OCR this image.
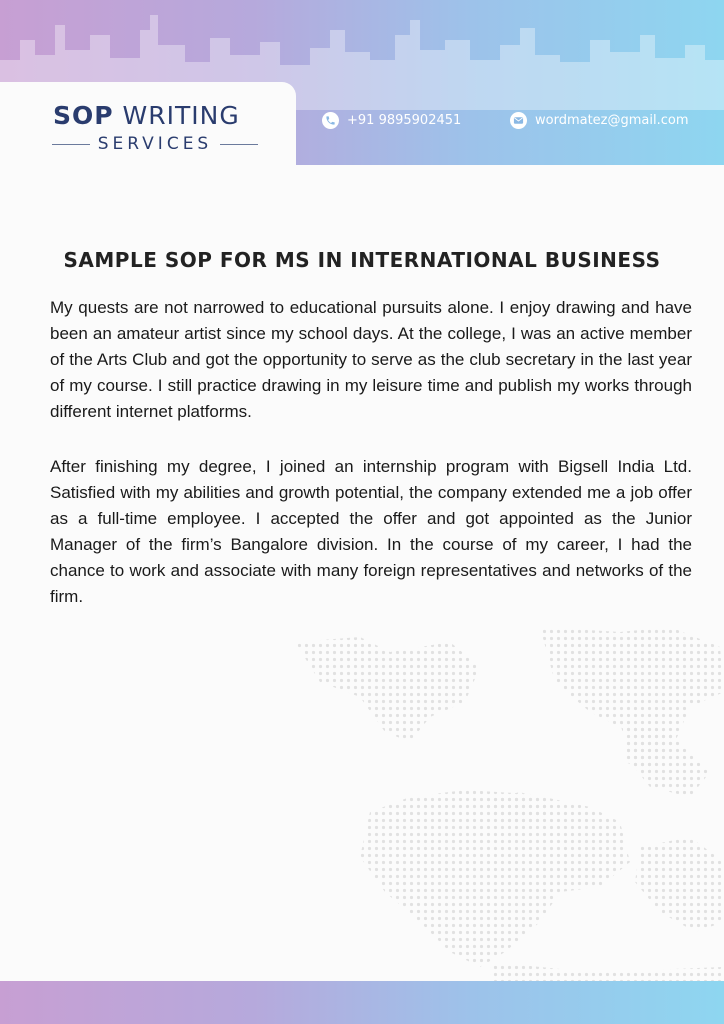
SOP WRITING
SERVICES
+91 9895902451	wordmatez@gmail.com
SAMPLE SOP FOR MS IN INTERNATIONAL BUSINESS

My quests are not narrowed to educational pursuits alone. I enjoy drawing and have been an amateur artist since my school days. At the college, I was an active member of the Arts Club and got the opportunity to serve as the club secretary in the last year of my course. I still practice drawing in my leisure time and publish my works through different internet platforms.

After finishing my degree, I joined an internship program with Bigsell India Ltd. Satisfied with my abilities and growth potential, the company extended me a job offer as a full-time employee. I accepted the offer and got appointed as the Junior Manager of the firm’s Bangalore division. In the course of my career, I had the chance to work and associate with many foreign representatives and networks of the firm.
